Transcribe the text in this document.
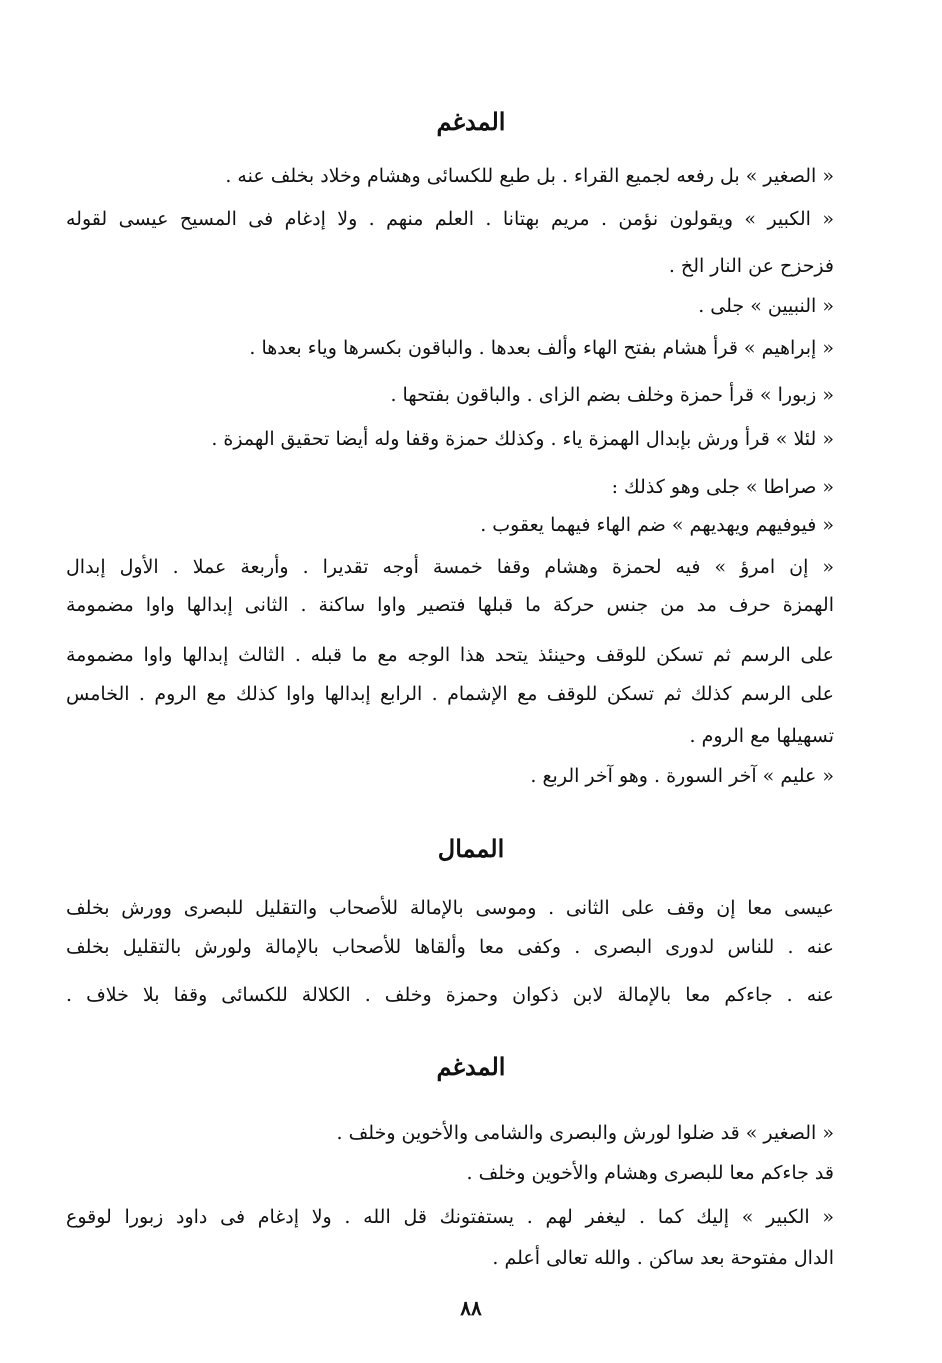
المدغم
« الصغير » بل رفعه لجميع القراء . بل طبع للكسائى وهشام وخلاد بخلف عنه .
« الكبير » ويقولون نؤمن . مريم بهتانا . العلم منهم . ولا إدغام فى المسيح عيسى لقوله
فزحزح عن النار الخ .
« النبيين » جلى .
« إبراهيم » قرأ هشام بفتح الهاء وألف بعدها . والباقون بكسرها وياء بعدها .
« زبورا » قرأ حمزة وخلف بضم الزاى . والباقون بفتحها .
« لئلا » قرأ ورش بإبدال الهمزة ياء . وكذلك حمزة وقفا وله أيضا تحقيق الهمزة .
« صراطا » جلى وهو كذلك :
« فيوفيهم ويهديهم » ضم الهاء فيهما يعقوب .
« إن امرؤ » فيه لحمزة وهشام وقفا خمسة أوجه تقديرا . وأربعة عملا . الأول إبدال
الهمزة حرف مد من جنس حركة ما قبلها فتصير واوا ساكنة . الثانى إبدالها واوا مضمومة
على الرسم ثم تسكن للوقف وحينئذ يتحد هذا الوجه مع ما قبله . الثالث إبدالها واوا مضمومة
على الرسم كذلك ثم تسكن للوقف مع الإشمام . الرابع إبدالها واوا كذلك مع الروم . الخامس
تسهيلها مع الروم .
« عليم » آخر السورة . وهو آخر الربع .
الممال
عيسى معا إن وقف على الثانى . وموسى بالإمالة للأصحاب والتقليل للبصرى وورش بخلف
عنه . للناس لدورى البصرى . وكفى معا وألقاها للأصحاب بالإمالة ولورش بالتقليل بخلف
عنه . جاءكم معا بالإمالة لابن ذكوان وحمزة وخلف . الكلالة للكسائى وقفا بلا خلاف .
المدغم
« الصغير » قد ضلوا لورش والبصرى والشامى والأخوين وخلف .
قد جاءكم معا للبصرى وهشام والأخوين وخلف .
« الكبير » إليك كما . ليغفر لهم . يستفتونك قل الله . ولا إدغام فى داود زبورا لوقوع
الدال مفتوحة بعد ساكن . والله تعالى أعلم .
٨٨
